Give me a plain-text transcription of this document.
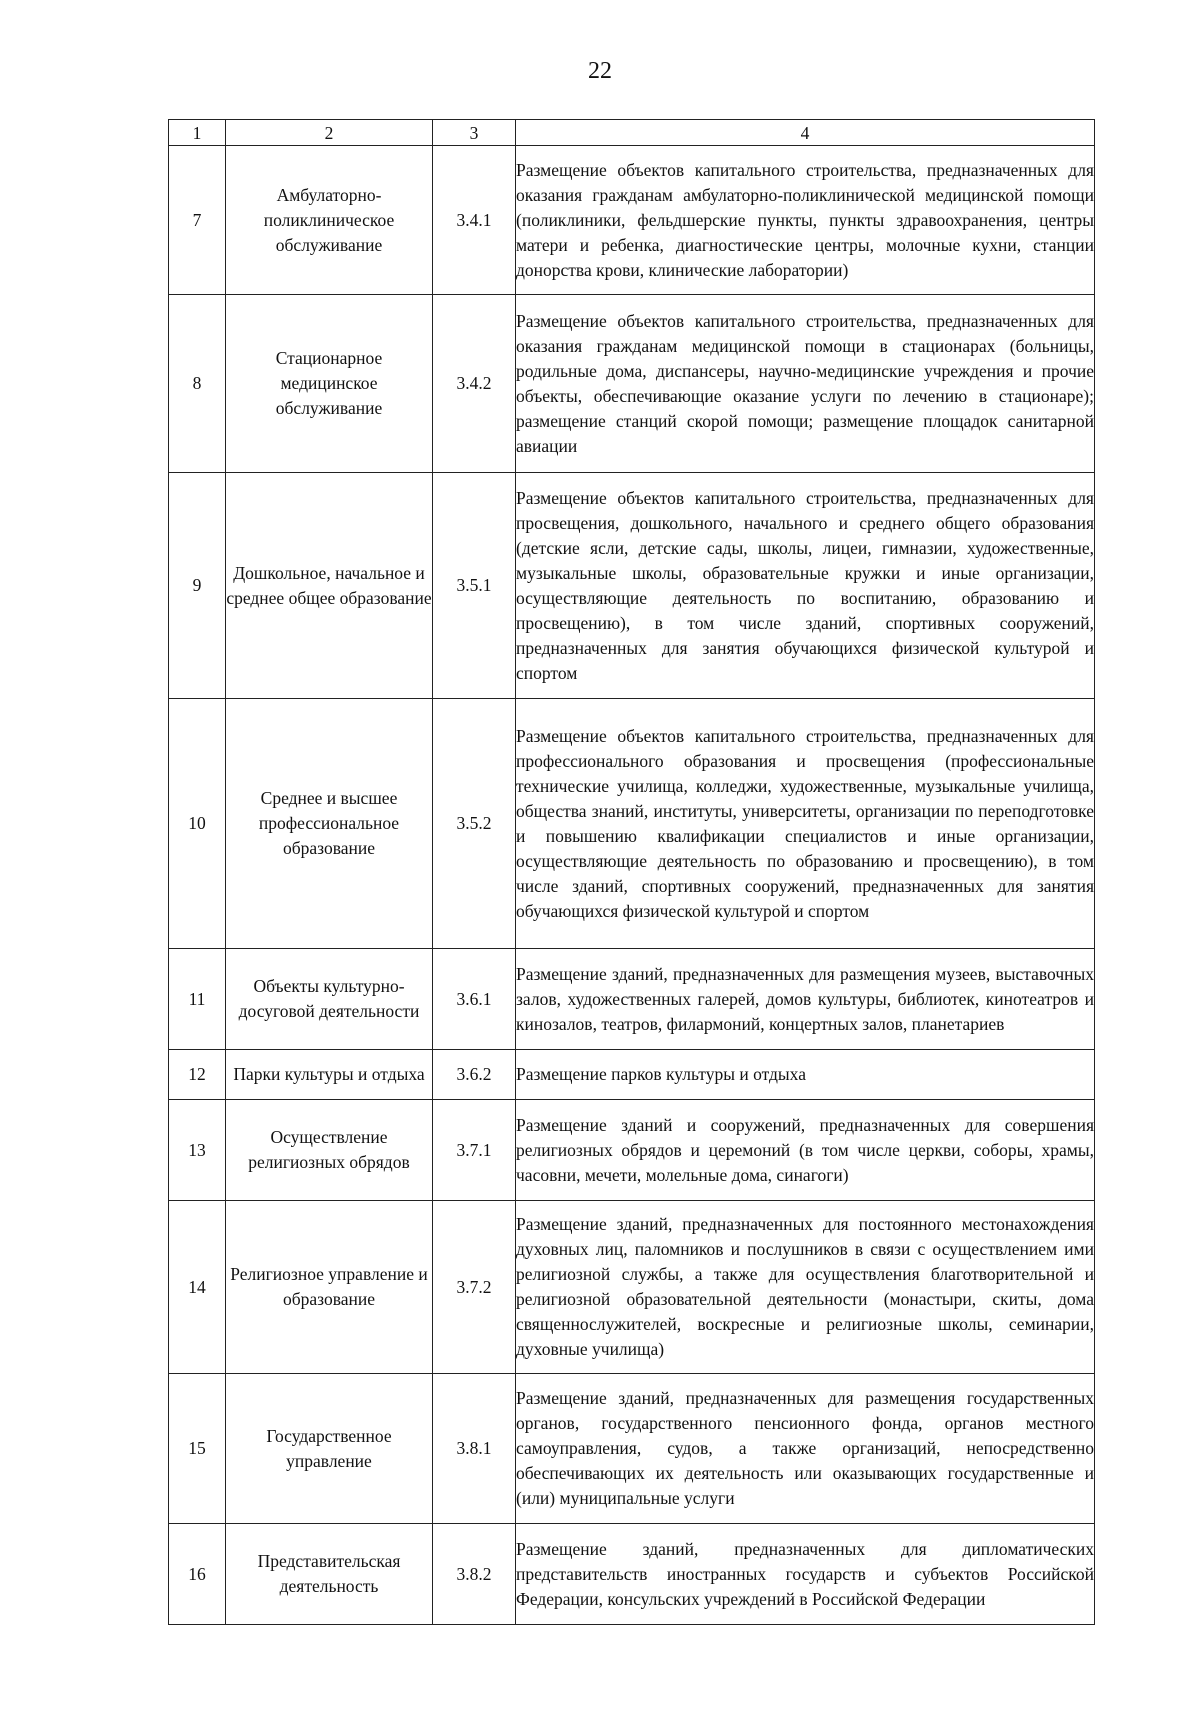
22
1	2	3	4
7	Амбулаторно-поликлиническое обслуживание	3.4.1	Размещение объектов капитального строительства, предназначенных для оказания гражданам амбулаторно-поликлинической медицинской помощи (поликлиники, фельдшерские пункты, пункты здравоохранения, центры матери и ребенка, диагностические центры, молочные кухни, станции донорства крови, клинические лаборатории)
8	Стационарное медицинское обслуживание	3.4.2	Размещение объектов капитального строительства, предназначенных для оказания гражданам медицинской помощи в стационарах (больницы, родильные дома, диспансеры, научно-медицинские учреждения и прочие объекты, обеспечивающие оказание услуги по лечению в стационаре); размещение станций скорой помощи; размещение площадок санитарной авиации
9	Дошкольное, начальное и среднее общее образование	3.5.1	Размещение объектов капитального строительства, предназначенных для просвещения, дошкольного, начального и среднего общего образования (детские ясли, детские сады, школы, лицеи, гимназии, художественные, музыкальные школы, образовательные кружки и иные организации, осуществляющие деятельность по воспитанию, образованию и просвещению), в том числе зданий, спортивных сооружений, предназначенных для занятия обучающихся физической культурой и спортом
10	Среднее и высшее профессиональное образование	3.5.2	Размещение объектов капитального строительства, предназначенных для профессионального образования и просвещения (профессиональные технические училища, колледжи, художественные, музыкальные училища, общества знаний, институты, университеты, организации по переподготовке и повышению квалификации специалистов и иные организации, осуществляющие деятельность по образованию и просвещению), в том числе зданий, спортивных сооружений, предназначенных для занятия обучающихся физической культурой и спортом
11	Объекты культурно-досуговой деятельности	3.6.1	Размещение зданий, предназначенных для размещения музеев, выставочных залов, художественных галерей, домов культуры, библиотек, кинотеатров и кинозалов, театров, филармоний, концертных залов, планетариев
12	Парки культуры и отдыха	3.6.2	Размещение парков культуры и отдыха
13	Осуществление религиозных обрядов	3.7.1	Размещение зданий и сооружений, предназначенных для совершения религиозных обрядов и церемоний (в том числе церкви, соборы, храмы, часовни, мечети, молельные дома, синагоги)
14	Религиозное управление и образование	3.7.2	Размещение зданий, предназначенных для постоянного местонахождения духовных лиц, паломников и послушников в связи с осуществлением ими религиозной службы, а также для осуществления благотворительной и религиозной образовательной деятельности (монастыри, скиты, дома священнослужителей, воскресные и религиозные школы, семинарии, духовные училища)
15	Государственное управление	3.8.1	Размещение зданий, предназначенных для размещения государственных органов, государственного пенсионного фонда, органов местного самоуправления, судов, а также организаций, непосредственно обеспечивающих их деятельность или оказывающих государственные и (или) муниципальные услуги
16	Представительская деятельность	3.8.2	Размещение зданий, предназначенных для дипломатических представительств иностранных государств и субъектов Российской Федерации, консульских учреждений в Российской Федерации
